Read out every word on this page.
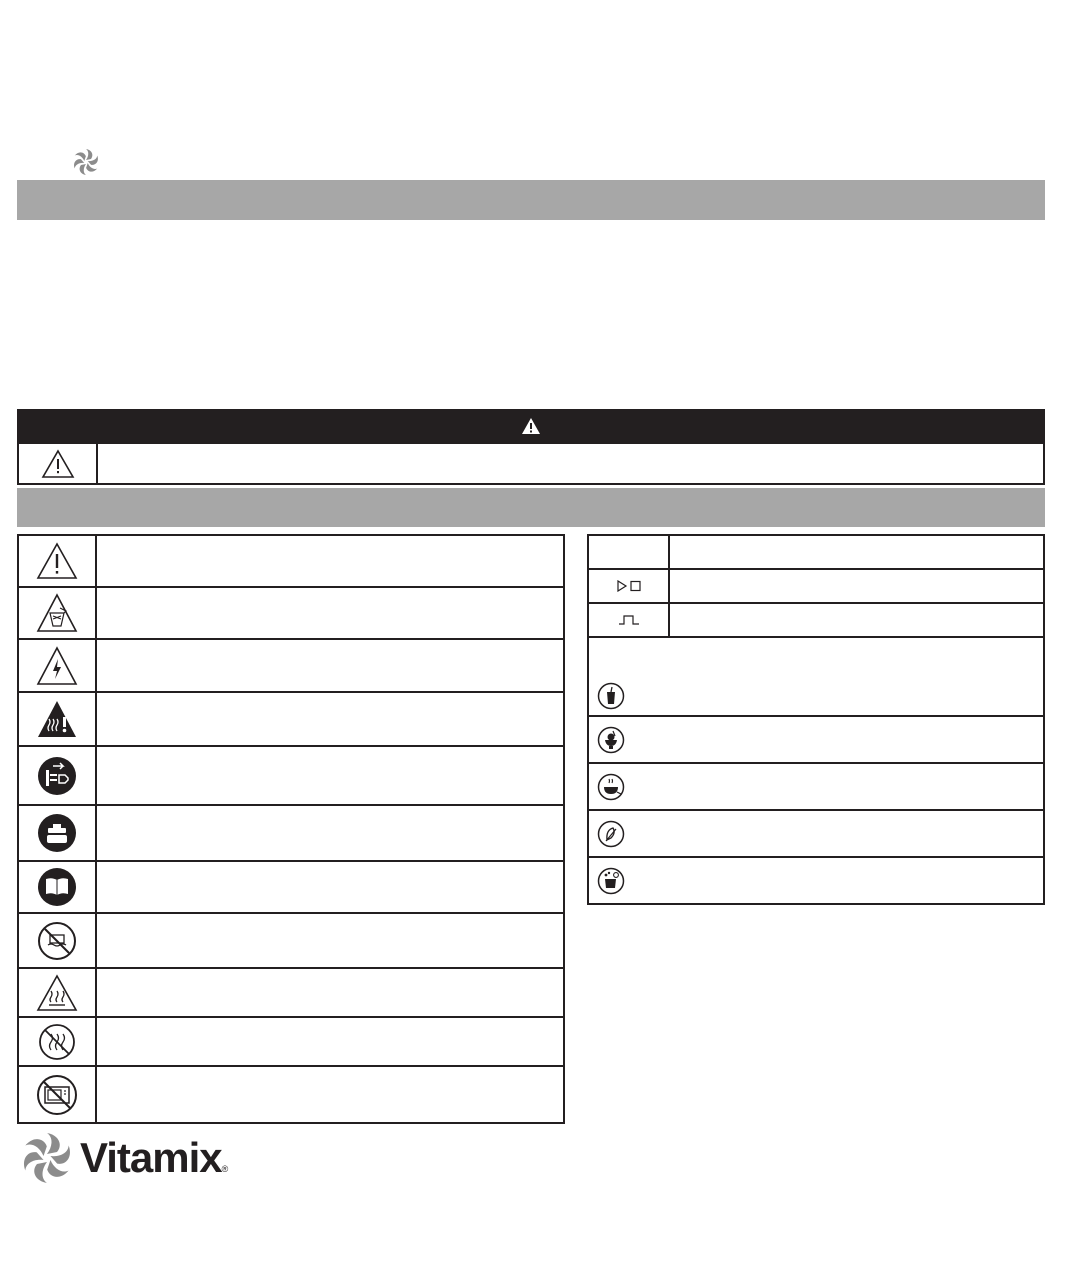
Vitamix ®
